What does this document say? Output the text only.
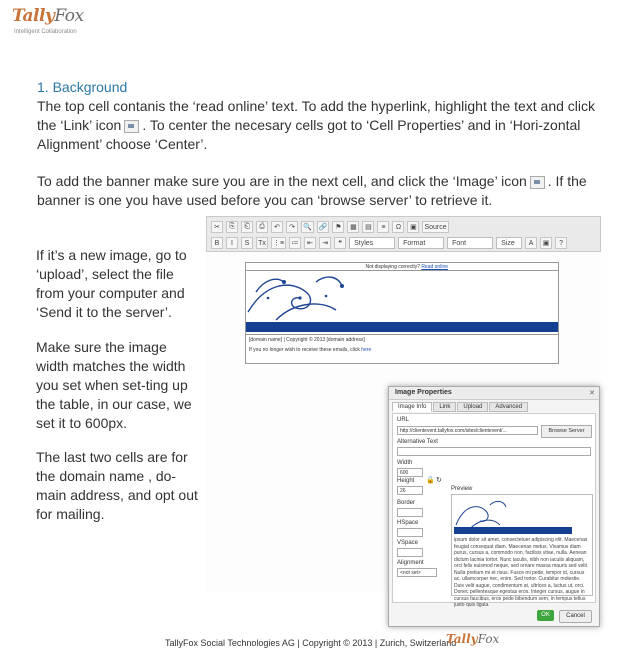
TallyFox
Intelligent Collaboration
1. Background
The top cell contanis the ‘read online’ text. To add the hyperlink, highlight the text and click the ‘Link’ icon . To center the necesary cells got to ‘Cell Properties’ and in ‘Hori-zontal Alignment’ choose ‘Center’.
To add the banner make sure you are in the next cell, and click the ‘Image’ icon . If the banner is one you have used before you can ‘browse server’ to retrieve it.
If it’s a new image, go to ‘upload’, select the file from your computer and ‘Send it to the server’.
Make sure the image width matches the width you set when set-ting up the table, in our case, we set it to 600px.
The last two cells are for the domain name , do-main address, and opt out for mailing.
✂	⎘	⎗	⎙	↶	↷	🔍 🔗	⚑	▦	▤	≡	Ω	▣	Source
B	I	S	Tx	⋮≡	≔	⇤	⇥	❝	Styles	Format	Font	Size	A	▣	?
Not displaying correctly? Read online
[domain name] | Copyright © 2013 [domain address]
If you no longer wish to receive these emails, click here
Image Properties	✕
Image Info	Link	Upload	Advanced
URL
http://clientevent.tallyfox.com/sites/clientevent/...	Browse Server
Alternative Text
Width
600
Height
26
🔒 ↻
Border
HSpace
VSpace
Alignment
<not set>
Preview
ipsum dolor sit amet, consectetuer adipiscing elit. Maecenas feugiat consequat diam. Maecenas metus. Vivamus diam purus, cursus a, commodo non, facilisis vitae, nulla. Aenean dictum lacinia tortor. Nunc iaculis, nibh non iaculis aliquam, orci felis euismod neque, sed ornare massa mauris sed velit. Nulla pretium mi et risus. Fusce mi pede, tempor id, cursus ac, ullamcorper nec, enim. Sed tortor. Curabitur molestie. Duis velit augue, condimentum at, ultrices a, luctus ut, orci. Donec pellentesque egestas eros. Integer cursus, augue in cursus faucibus, eros pede bibendum sem, in tempus tellus justo quis ligula.
OK	Cancel
TallyFox Social Technologies AG | Copyright © 2013 | Zurich, Switzerland
TallyFox
